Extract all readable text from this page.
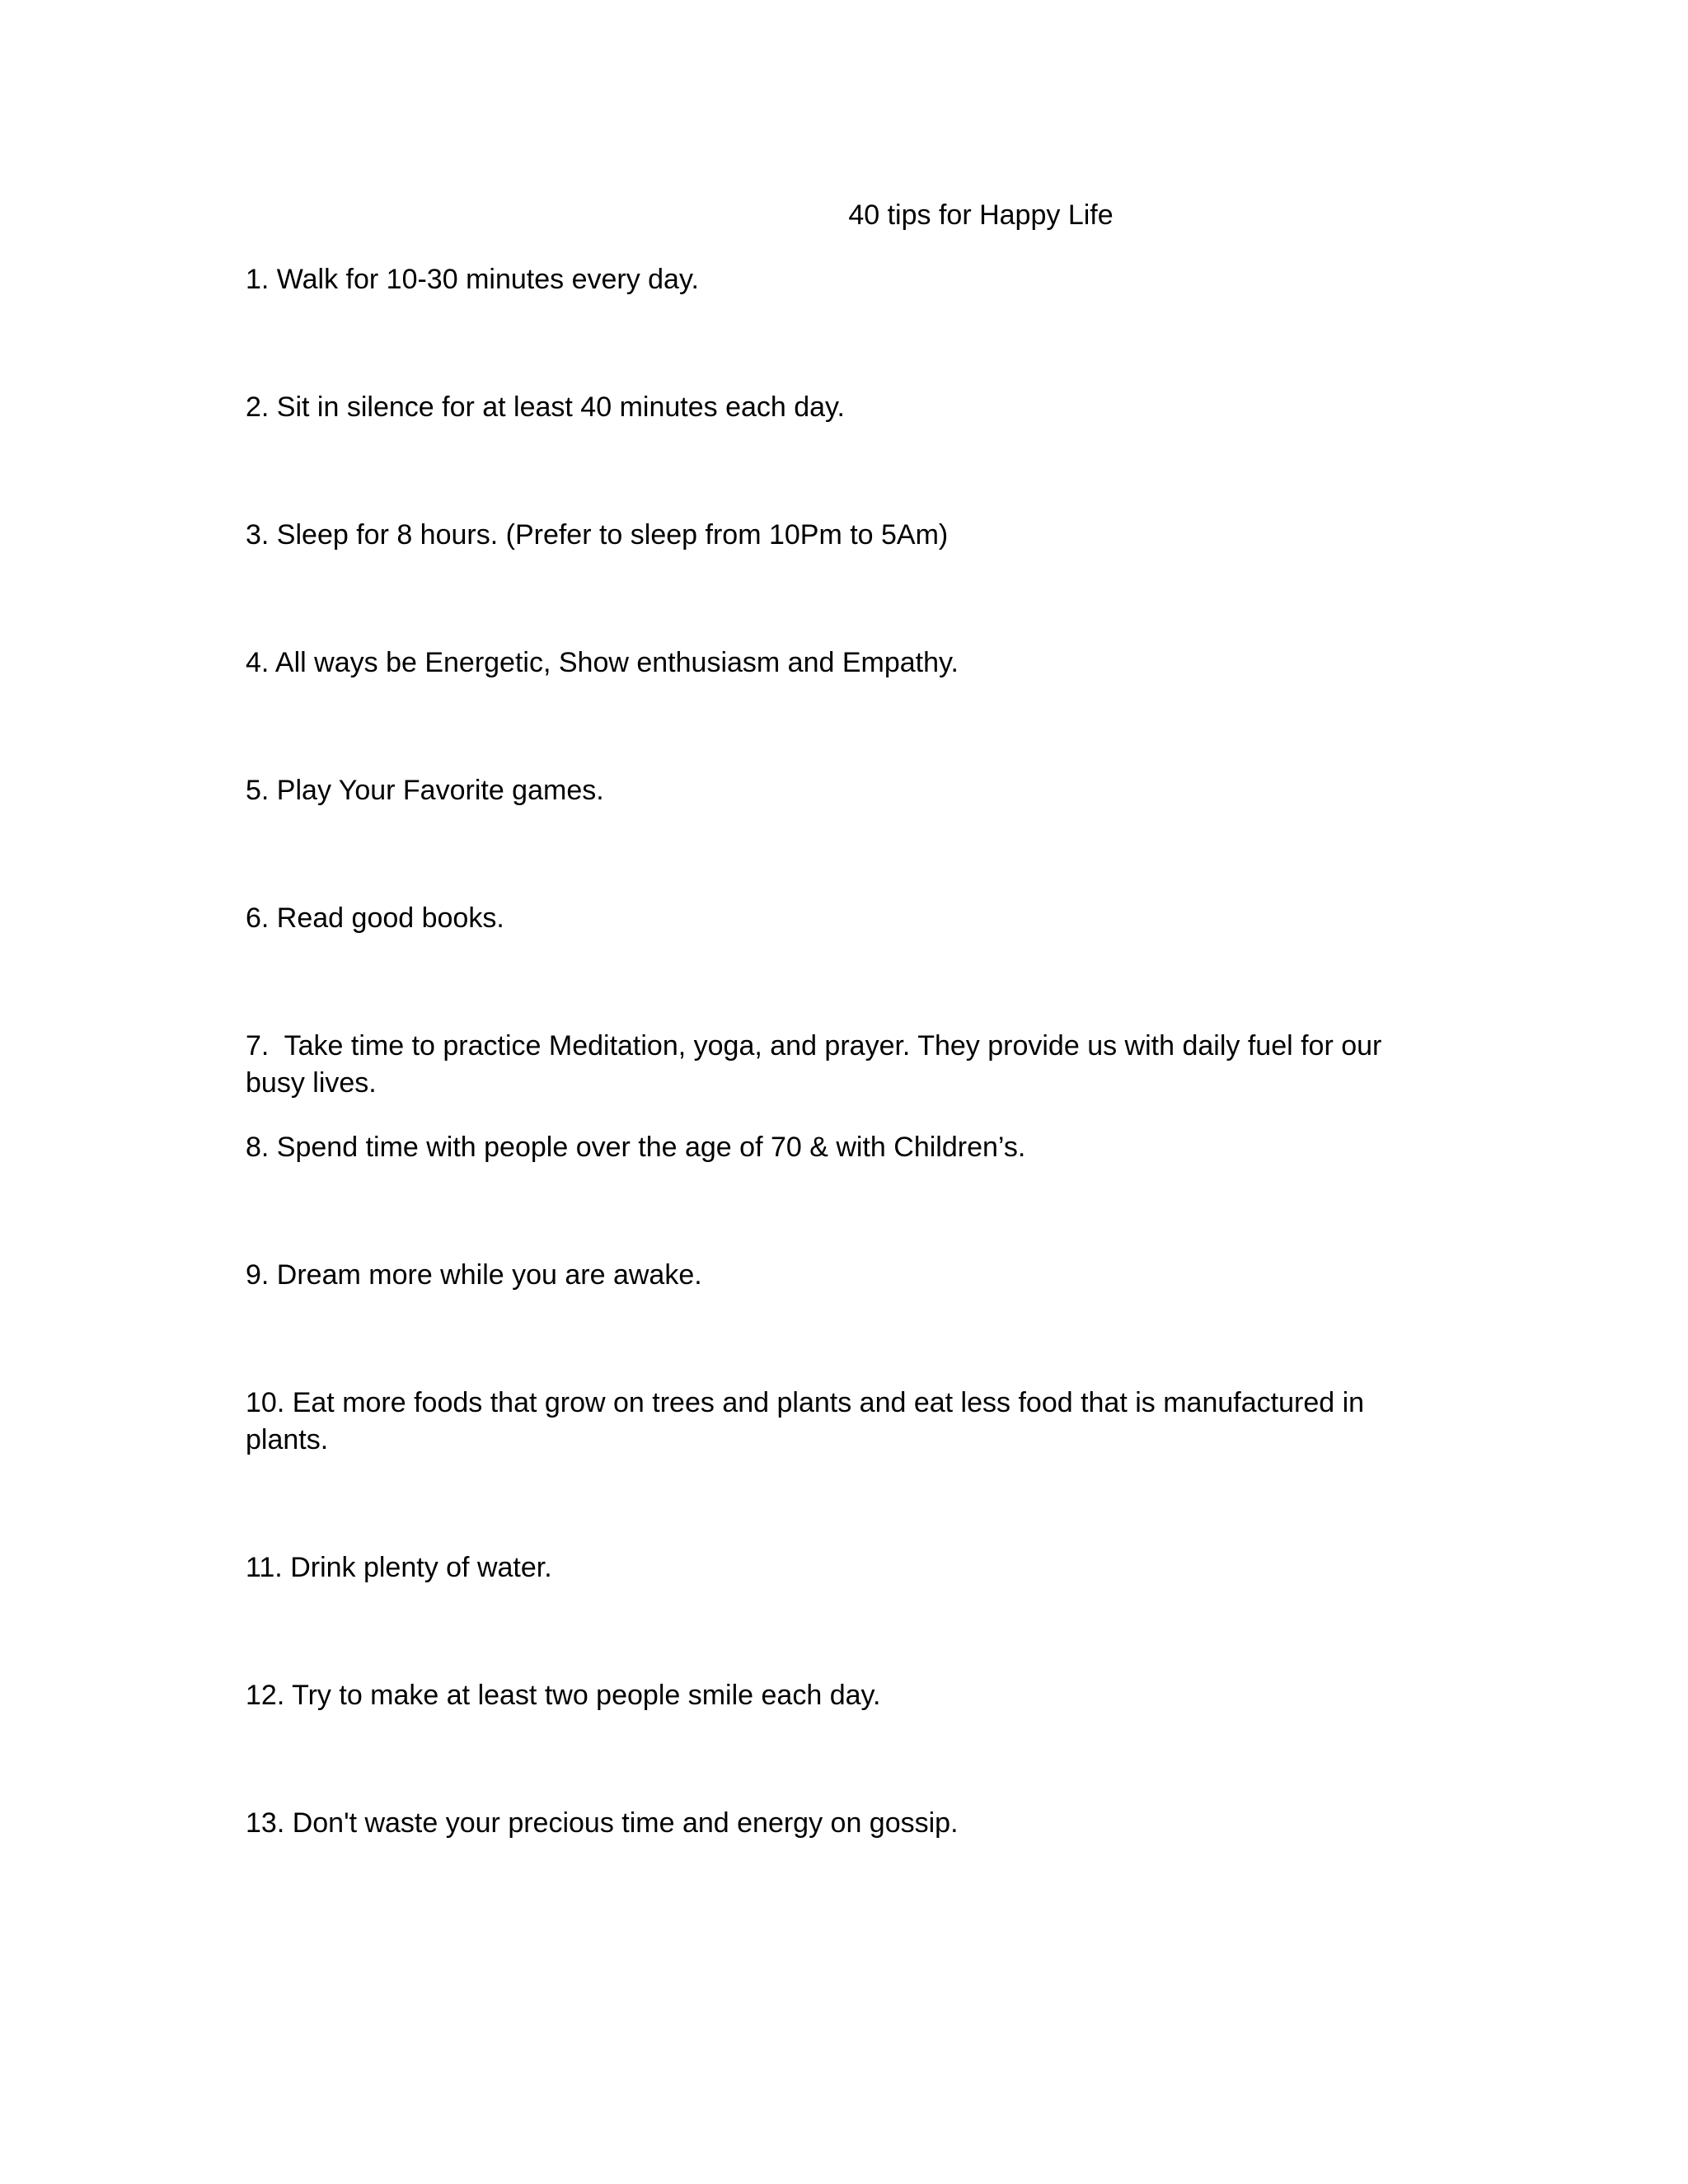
40 tips for Happy Life
1. Walk for 10-30 minutes every day.
2. Sit in silence for at least 40 minutes each day.
3. Sleep for 8 hours. (Prefer to sleep from 10Pm to 5Am)
4. All ways be Energetic, Show enthusiasm and Empathy.
5. Play Your Favorite games.
6. Read good books.
7.  Take time to practice Meditation, yoga, and prayer. They provide us with daily fuel for our busy lives.
8. Spend time with people over the age of 70 & with Children’s.
9. Dream more while you are awake.
10. Eat more foods that grow on trees and plants and eat less food that is manufactured in plants.
11. Drink plenty of water.
12. Try to make at least two people smile each day.
13. Don't waste your precious time and energy on gossip.
